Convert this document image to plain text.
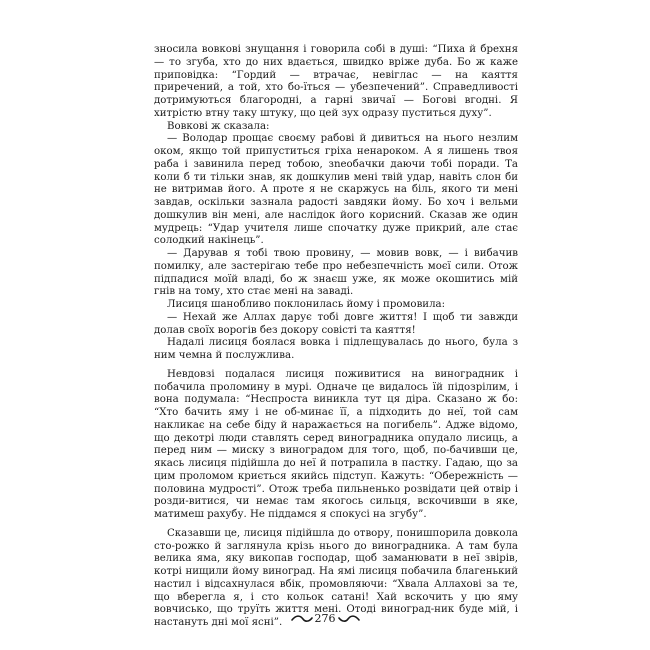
зносила вовкові знущання і говорила собі в душі: “Пиха й брехня — то згуба, хто до них вдається, швидко вріже дуба. Бо ж каже приповідка: “Гордий — втрачає, невіглас — на каяття приречений, а той, хто бо-їться — убезпечений”. Справедливості дотримуються благородні, а гарні звичаї — Богові вгодні. Я хитрістю втну таку штуку, що цей зух одразу пуститься духу”.

Вовкові ж сказала:

— Володар прощає своєму рабові й дивиться на нього незлим оком, якщо той припуститься гріха ненароком. А я лишень твоя раба і завинила перед тобою, зneобачки даючи тобі поради. Та коли б ти тільки знав, як дошкулив мені твій удар, навіть слон би не витримав його. А проте я не скаржусь на біль, якого ти мені завдав, оскільки зазнала радості завдяки йому. Бо хоч і вельми дошкулив він мені, але наслідок його корисний. Сказав же один мудрець: “Удар учителя лише спочатку дуже прикрий, але стає солодкий накінець”.

— Дарував я тобі твою провину, — мовив вовк, — і вибачив помилку, але застерігаю тебе про небезпечність моєї сили. Отож підпадися моїй владі, бо ж знаєш уже, як може окошитись мій гнів на тому, хто стає мені на заваді.

Лисиця шанобливо поклонилась йому і промовила:

— Нехай же Аллах дарує тобі довге життя! І щоб ти завжди долав своїх ворогів без докору совісті та каяття!

Надалі лисиця боялася вовка і підлещувалась до нього, була з ним чемна й послужлива.

Невдовзі подалася лисиця поживитися на виноградник і побачила проломину в мурі. Одначе це видалось їй підозрілим, і вона подумала: “Неспроста виникла тут ця діра. Сказано ж бо: “Хто бачить яму і не об-минає її, а підходить до неї, той сам накликає на себе біду й наражається на погибель”. Адже відомо, що декотрі люди ставлять серед виноградника опудало лисиць, а перед ним — миску з виноградом для того, щоб, по-бачивши це, якась лисиця підійшла до неї й потрапила в пастку. Гадаю, що за цим проломом криється якийсь підступ. Кажуть: “Обережність — половина мудрості”. Отож треба пильненько розвідати цей отвір і розди-витися, чи немає там якогось сильця, вскочивши в яке, матимеш рахубу. Не піддамся я спокусі на згубу”.

Сказавши це, лисиця підійшла до отвору, понишпорила довкола сто-рожко й заглянула крізь нього до виноградника. А там була велика яма, яку викопав господар, щоб заманювати в неї звірів, котрі нищили йому виноград. На ямі лисиця побачила благенький настил і відсахнулася вбік, промовляючи: “Хвала Аллахові за те, що вберегла я, і сто кольок сатані! Хай вскочить у цю яму вовчисько, що труїть життя мені. Отоді виноград-ник буде мій, і настануть дні мої ясні”.	276
